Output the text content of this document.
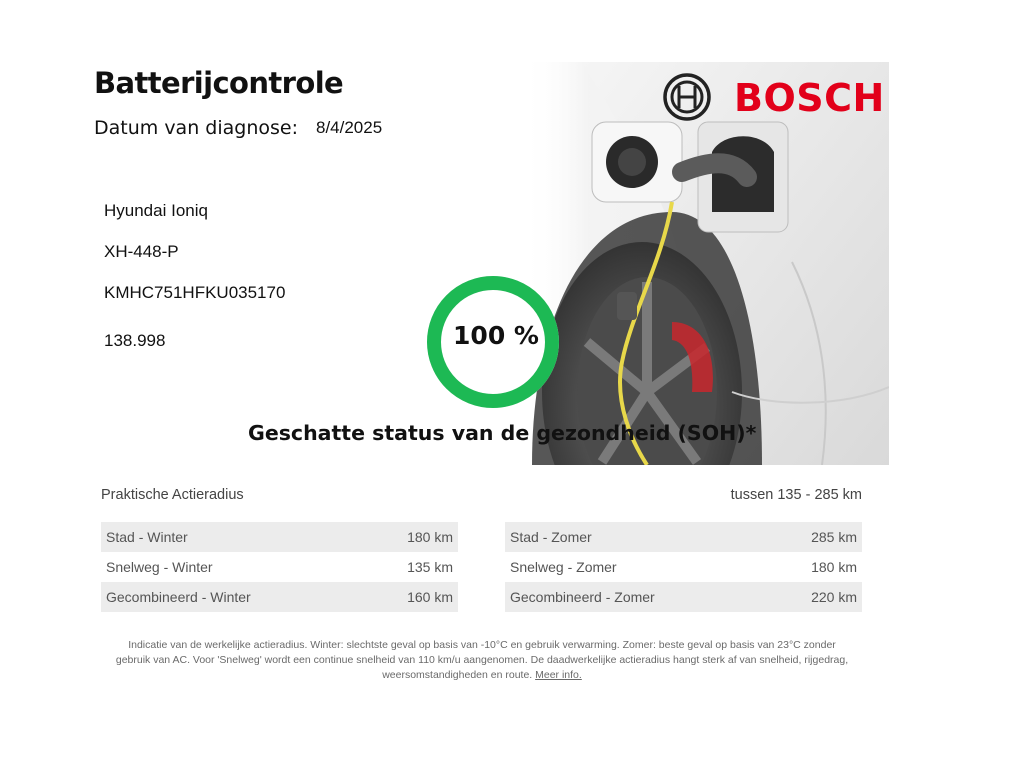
Batterijcontrole
Datum van diagnose: 8/4/2025
BOSCH
Hyundai Ioniq
XH-448-P
KMHC751HFKU035170
138.998	100 %
Geschatte status van de gezondheid (SOH)*
Praktische Actieradius	tussen 135 - 285 km
Stad - Winter	180 km
Snelweg - Winter	135 km
Gecombineerd - Winter	160 km
Stad - Zomer	285 km
Snelweg - Zomer	180 km
Gecombineerd - Zomer	220 km
Indicatie van de werkelijke actieradius. Winter: slechtste geval op basis van -10°C en gebruik verwarming. Zomer: beste geval op basis van 23°C zonder gebruik van AC. Voor 'Snelweg' wordt een continue snelheid van 110 km/u aangenomen. De daadwerkelijke actieradius hangt sterk af van snelheid, rijgedrag, weersomstandigheden en route. Meer info.
